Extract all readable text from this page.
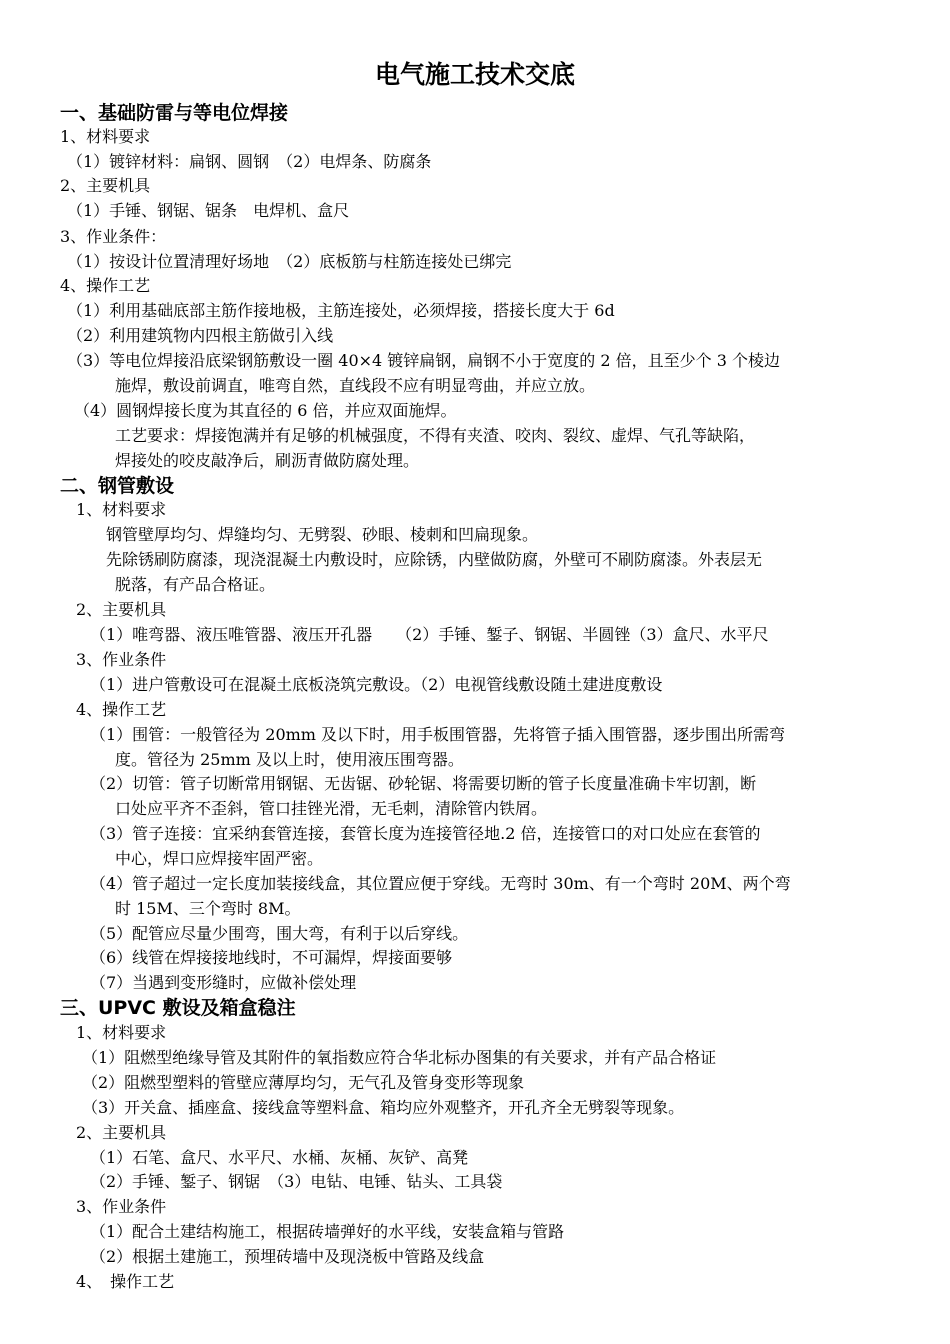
电气施工技术交底
一、基础防雷与等电位焊接
1、材料要求
（1）镀锌材料：扁钢、圆钢　（2）电焊条、防腐条
2、主要机具
（1）手锤、钢锯、锯条　电焊机、盒尺
3、作业条件：
（1）按设计位置清理好场地　（2）底板筋与柱筋连接处已绑完
4、操作工艺
（1）利用基础底部主筋作接地极，主筋连接处，必须焊接，搭接长度大于 6d
（2）利用建筑物内四根主筋做引入线
（3）等电位焊接沿底梁钢筋敷设一圈 40×4 镀锌扁钢，扁钢不小于宽度的 2 倍，且至少个 3 个棱边
施焊，敷设前调直，唯弯自然，直线段不应有明显弯曲，并应立放。
（4）圆钢焊接长度为其直径的 6 倍，并应双面施焊。
工艺要求：焊接饱满并有足够的机械强度，不得有夹渣、咬肉、裂纹、虚焊、气孔等缺陷，
焊接处的咬皮敲净后，刷沥青做防腐处理。
二、钢管敷设
1、材料要求
钢管壁厚均匀、焊缝均匀、无劈裂、砂眼、棱刺和凹扁现象。
先除锈刷防腐漆，现浇混凝土内敷设时，应除锈，内壁做防腐，外壁可不刷防腐漆。外表层无
脱落，有产品合格证。
2、主要机具
（1）唯弯器、液压唯管器、液压开孔器　　（2）手锤、錾子、钢锯、半圆锉（3）盒尺、水平尺
3、作业条件
（1）进户管敷设可在混凝土底板浇筑完敷设。（2）电视管线敷设随土建进度敷设
4、操作工艺
（1）围管：一般管径为 20mm 及以下时，用手板围管器，先将管子插入围管器，逐步围出所需弯
度。管径为 25mm 及以上时，使用液压围弯器。
（2）切管：管子切断常用钢锯、无齿锯、砂轮锯、将需要切断的管子长度量准确卡牢切割，断
口处应平齐不歪斜，管口挂锉光滑，无毛刺，清除管内铁屑。
（3）管子连接：宜采纳套管连接，套管长度为连接管径地.2 倍，连接管口的对口处应在套管的
中心，焊口应焊接牢固严密。
（4）管子超过一定长度加装接线盒，其位置应便于穿线。无弯时 30m、有一个弯时 20M、两个弯
时 15M、三个弯时 8M。
（5）配管应尽量少围弯，围大弯，有利于以后穿线。
（6）线管在焊接接地线时，不可漏焊，焊接面要够
（7）当遇到变形缝时，应做补偿处理
三、UPVC 敷设及箱盒稳注
1、材料要求
（1）阻燃型绝缘导管及其附件的氧指数应符合华北标办图集的有关要求，并有产品合格证
（2）阻燃型塑料的管壁应薄厚均匀，无气孔及管身变形等现象
（3）开关盒、插座盒、接线盒等塑料盒、箱均应外观整齐，开孔齐全无劈裂等现象。
2、主要机具
（1）石笔、盒尺、水平尺、水桶、灰桶、灰铲、高凳
（2）手锤、錾子、钢锯　（3）电钻、电锤、钻头、工具袋
3、作业条件
（1）配合土建结构施工，根据砖墙弹好的水平线，安装盒箱与管路
（2）根据土建施工，预埋砖墙中及现浇板中管路及线盒
4、　操作工艺
